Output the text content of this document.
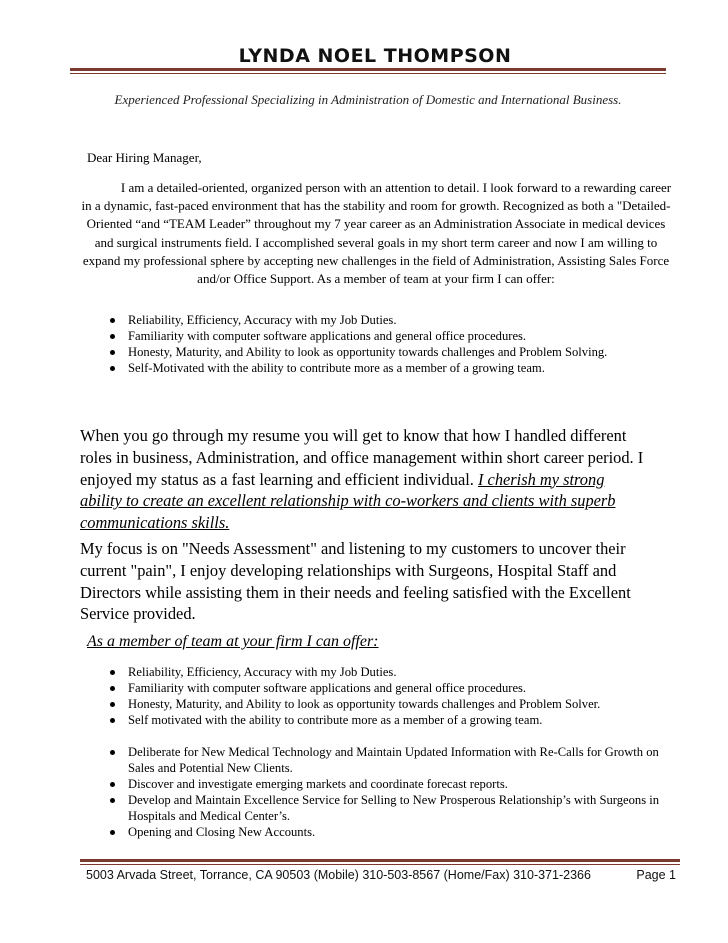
LYNDA NOEL THOMPSON
Experienced Professional Specializing in Administration of Domestic and International Business.
Dear Hiring Manager,
I am a detailed-oriented, organized person with an attention to detail. I look forward to a rewarding career in a dynamic, fast-paced environment that has the stability and room for growth. Recognized as both a "Detailed-Oriented “and “TEAM Leader” throughout my 7 year career as an Administration Associate in medical devices and surgical instruments field. I accomplished several goals in my short term career and now I am willing to expand my professional sphere by accepting new challenges in the field of Administration, Assisting Sales Force and/or Office Support. As a member of team at your firm I can offer:
Reliability, Efficiency, Accuracy with my Job Duties.
Familiarity with computer software applications and general office procedures.
Honesty, Maturity, and Ability to look as opportunity towards challenges and Problem Solving.
Self-Motivated with the ability to contribute more as a member of a growing team.
When you go through my resume you will get to know that how I handled different roles in business, Administration, and office management within short career period. I enjoyed my status as a fast learning and efficient individual. I cherish my strong ability to create an excellent relationship with co-workers and clients with superb communications skills.
My focus is on "Needs Assessment" and listening to my customers to uncover their current "pain", I enjoy developing relationships with Surgeons, Hospital Staff and Directors while assisting them in their needs and feeling satisfied with the Excellent Service provided.
As a member of team at your firm I can offer:
Reliability, Efficiency, Accuracy with my Job Duties.
Familiarity with computer software applications and general office procedures.
Honesty, Maturity, and Ability to look as opportunity towards challenges and Problem Solver.
Self motivated with the ability to contribute more as a member of a growing team.
Deliberate for New Medical Technology and Maintain Updated Information with Re-Calls for Growth on Sales and Potential New Clients.
Discover and investigate emerging markets and coordinate forecast reports.
Develop and Maintain Excellence Service for Selling to New Prosperous Relationship’s with Surgeons in Hospitals and Medical Center’s.
Opening and Closing New Accounts.
5003 Arvada Street, Torrance, CA 90503 (Mobile) 310-503-8567 (Home/Fax) 310-371-2366	Page 1
